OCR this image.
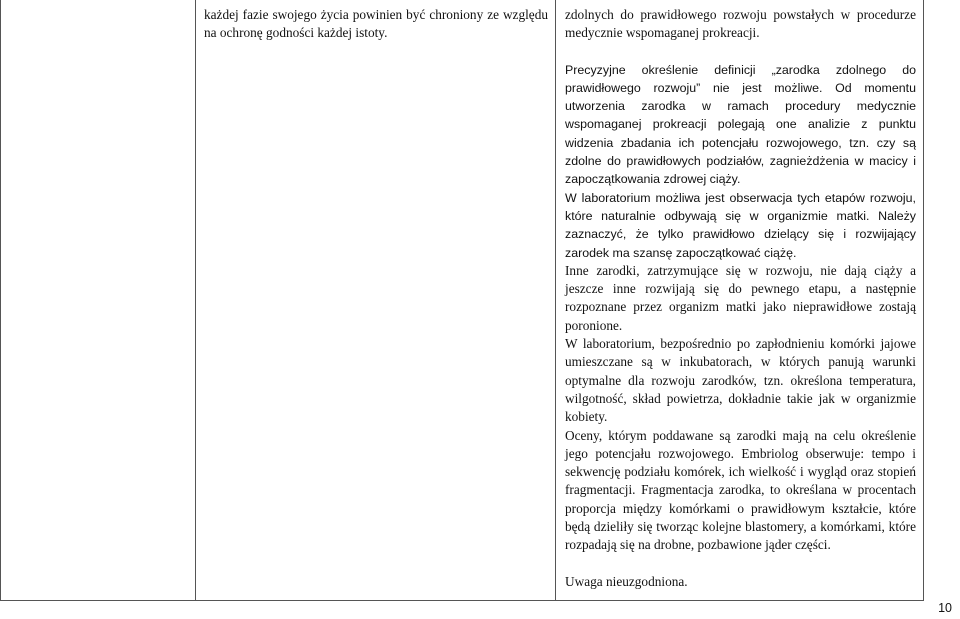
każdej fazie swojego życia powinien być chroniony ze względu na ochronę godności każdej istoty.

zdolnych do prawidłowego rozwoju powstałych w procedurze medycznie wspomaganej prokreacji.

Precyzyjne określenie definicji „zarodka zdolnego do prawidłowego rozwoju” nie jest możliwe. Od momentu utworzenia zarodka w ramach procedury medycznie wspomaganej prokreacji polegają one analizie z punktu widzenia zbadania ich potencjału rozwojowego, tzn. czy są zdolne do prawidłowych podziałów, zagnieżdżenia w macicy i zapoczątkowania zdrowej ciąży.

W laboratorium możliwa jest obserwacja tych etapów rozwoju, które naturalnie odbywają się w organizmie matki. Należy zaznaczyć, że tylko prawidłowo dzielący się i rozwijający zarodek ma szansę zapoczątkować ciążę.

Inne zarodki, zatrzymujące się w rozwoju, nie dają ciąży a jeszcze inne rozwijają się do pewnego etapu, a następnie rozpoznane przez organizm matki jako nieprawidłowe zostają poronione.

W laboratorium, bezpośrednio po zapłodnieniu komórki jajowe umieszczane są w inkubatorach, w których panują warunki optymalne dla rozwoju zarodków, tzn. określona temperatura, wilgotność, skład powietrza, dokładnie takie jak w organizmie kobiety.

Oceny, którym poddawane są zarodki mają na celu określenie jego potencjału rozwojowego. Embriolog obserwuje: tempo i sekwencję podziału komórek, ich wielkość i wygląd oraz stopień fragmentacji. Fragmentacja zarodka, to określana w procentach proporcja między komórkami o prawidłowym kształcie, które będą dzieliły się tworząc kolejne blastomery, a komórkami, które rozpadają się na drobne, pozbawione jąder części.

Uwaga nieuzgodniona.

10
